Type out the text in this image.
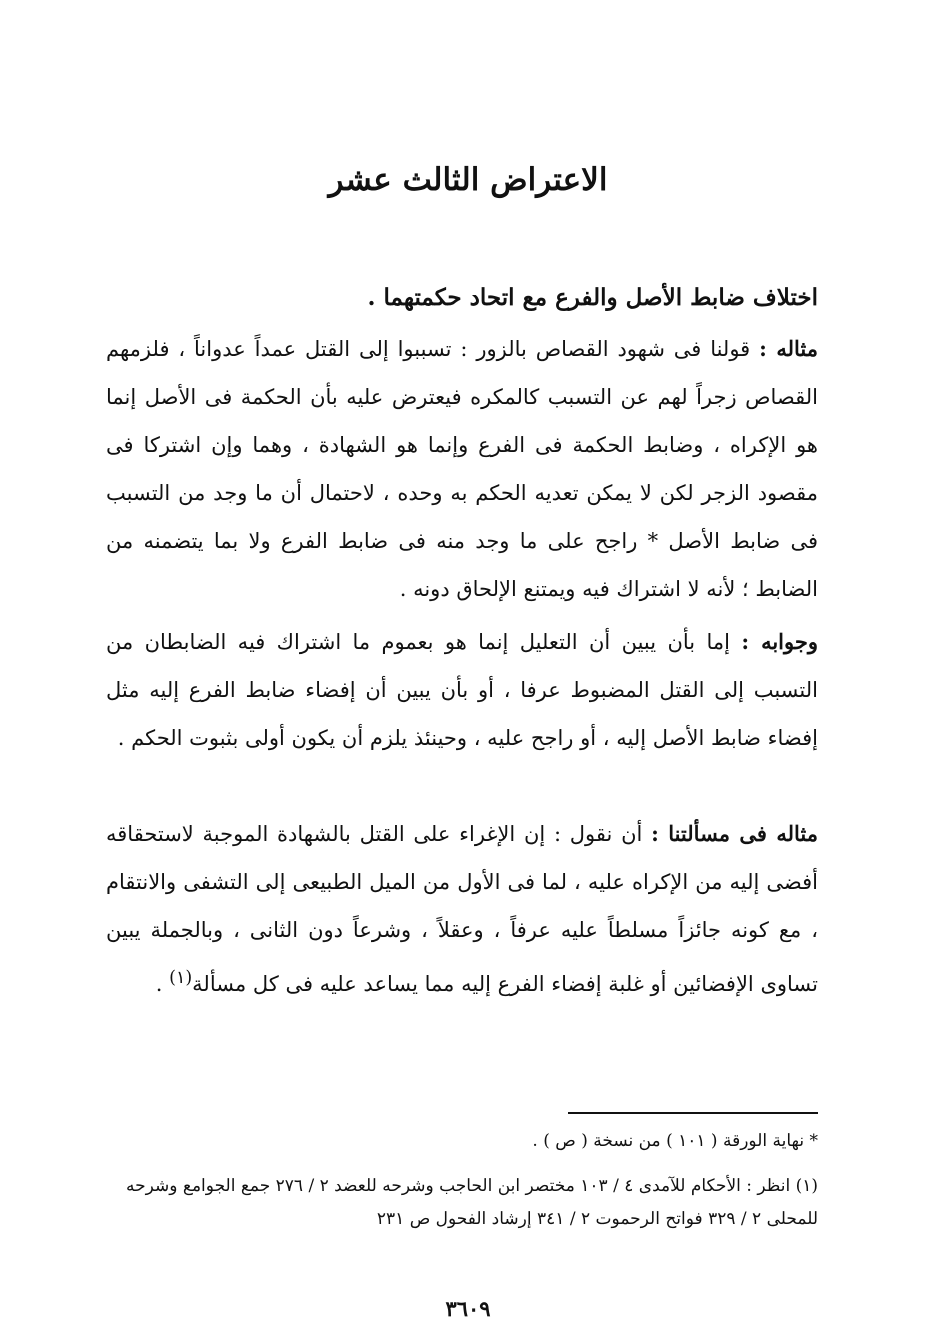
الاعتراض الثالث عشر

اختلاف ضابط الأصل والفرع مع اتحاد حكمتهما .

مثاله : قولنا فى شهود القصاص بالزور : تسببوا إلى القتل عمداً عدواناً ، فلزمهم القصاص زجراً لهم عن التسبب كالمكره فيعترض عليه بأن الحكمة فى الأصل إنما هو الإكراه ، وضابط الحكمة فى الفرع وإنما هو الشهادة ، وهما وإن اشتركا فى مقصود الزجر لكن لا يمكن تعديه الحكم به وحده ، لاحتمال أن ما وجد من التسبب فى ضابط الأصل * راجح على ما وجد منه فى ضابط الفرع ولا بما يتضمنه من الضابط ؛ لأنه لا اشتراك فيه ويمتنع الإلحاق دونه .

وجوابه : إما بأن يبين أن التعليل إنما هو بعموم ما اشتراك فيه الضابطان من التسبب إلى القتل المضبوط عرفا ، أو بأن يبين أن إفضاء ضابط الفرع إليه مثل إفضاء ضابط الأصل إليه ، أو راجح عليه ، وحينئذ يلزم أن يكون أولى بثبوت الحكم .

مثاله فى مسألتنا : أن نقول : إن الإغراء على القتل بالشهادة الموجبة لاستحقاقه أفضى إليه من الإكراه عليه ، لما فى الأول من الميل الطبيعى إلى التشفى والانتقام ، مع كونه جائزاً مسلطاً عليه عرفاً ، وعقلاً ، وشرعاً دون الثانى ، وبالجملة يبين تساوى الإفضائين أو غلبة إفضاء الفرع إليه مما يساعد عليه فى كل مسألة$^{(١)}$ .

* نهاية الورقة ( ١٠١ ) من نسخة ( ص ) .

(١) انظر : الأحكام للآمدى ٤ / ١٠٣ مختصر ابن الحاجب وشرحه للعضد ٢ / ٢٧٦ جمع الجوامع وشرحه للمحلى ٢ / ٣٢٩ فواتح الرحموت ٢ / ٣٤١ إرشاد الفحول ص ٢٣١

٣٦٠٩
